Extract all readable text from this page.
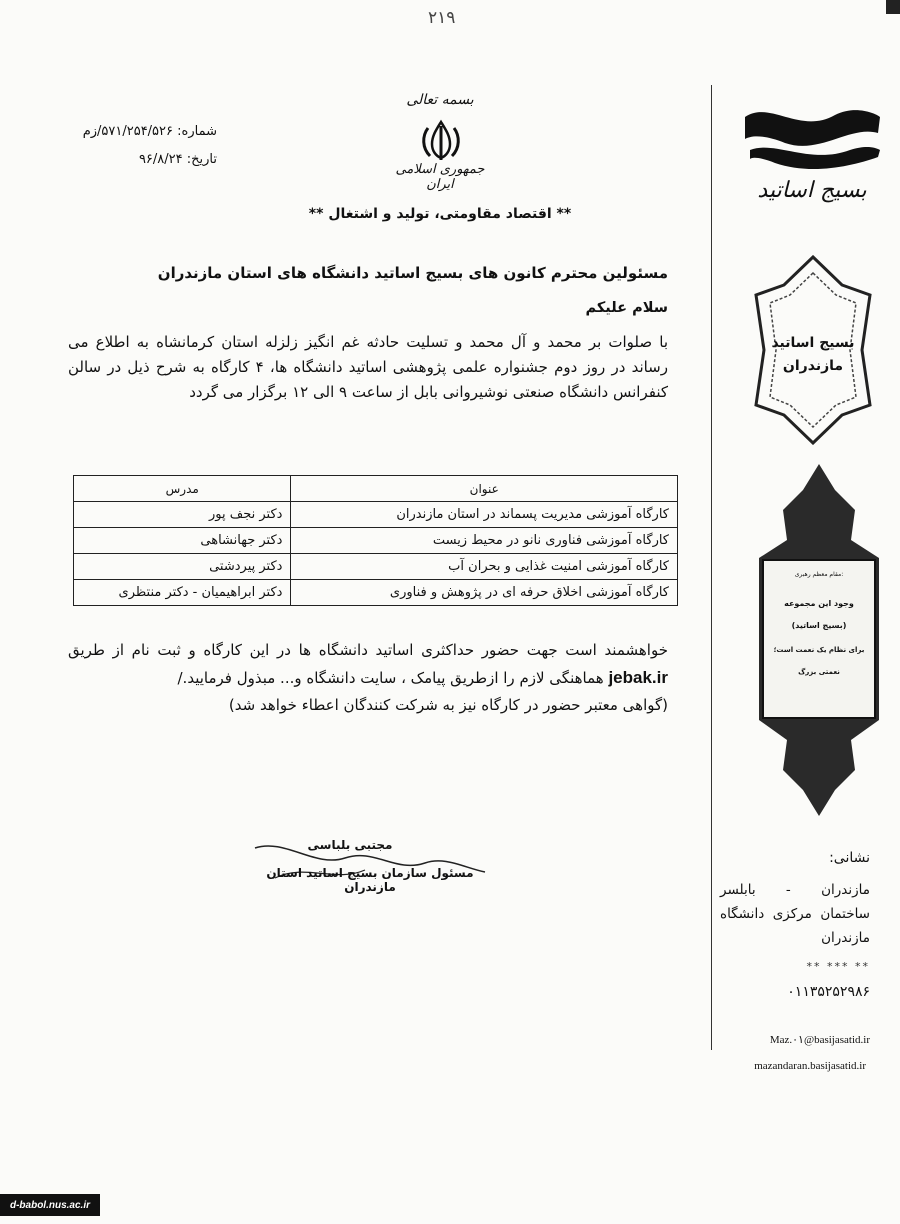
۲۱۹
بسمه تعالی
جمهوری اسلامی ایران
شماره: ۵۷۱/۲۵۴/۵۲۶/زم
تاریخ: ۹۶/۸/۲۴
** اقتصاد مقاومتی، تولید و اشتغال **
مسئولین محترم کانون های بسیج اساتید دانشگاه های استان مازندران
سلام علیکم
با صلوات بر محمد و آل محمد و تسلیت حادثه غم انگیز زلزله استان کرمانشاه به اطلاع می رساند در روز دوم جشنواره علمی پژوهشی اساتید دانشگاه ها، ۴ کارگاه به شرح ذیل در سالن کنفرانس دانشگاه صنعتی نوشیروانی بابل از ساعت ۹ الی ۱۲ برگزار می گردد
عنوان	مدرس
کارگاه آموزشی مدیریت پسماند در استان مازندران	دکتر نجف پور
کارگاه آموزشی فناوری نانو در محیط زیست	دکتر جهانشاهی
کارگاه آموزشی امنیت غذایی و بحران آب	دکتر پیردشتی
کارگاه آموزشی اخلاق حرفه ای در پژوهش و فناوری	دکتر ابراهیمیان - دکتر منتظری
خواهشمند است جهت حضور حداکثری اساتید دانشگاه ها در این کارگاه و ثبت نام از طریق jebak.ir هماهنگی لازم را ازطریق پیامک ، سایت دانشگاه و... مبذول فرمایید./
(گواهی معتبر حضور در کارگاه نیز به شرکت کنندگان اعطاء خواهد شد)
مجتبی بلباسی
مسئول سازمان بسیج اساتید استان مازندران
بسیج اساتید
بسیج اساتید
مازندران
مقام معظم رهبری:
وجود این مجموعه
(بسیج اساتید)
برای نظام یک نعمت است؛
نعمتی بزرگ
نشانی:
مازندران - بابلسر ساختمان مرکزی دانشگاه مازندران
** *** **
۰۱۱۳۵۲۵۲۹۸۶
Maz.۰۱@basijasatid.ir
mazandaran.basijasatid.ir
d-babol.nus.ac.ir
